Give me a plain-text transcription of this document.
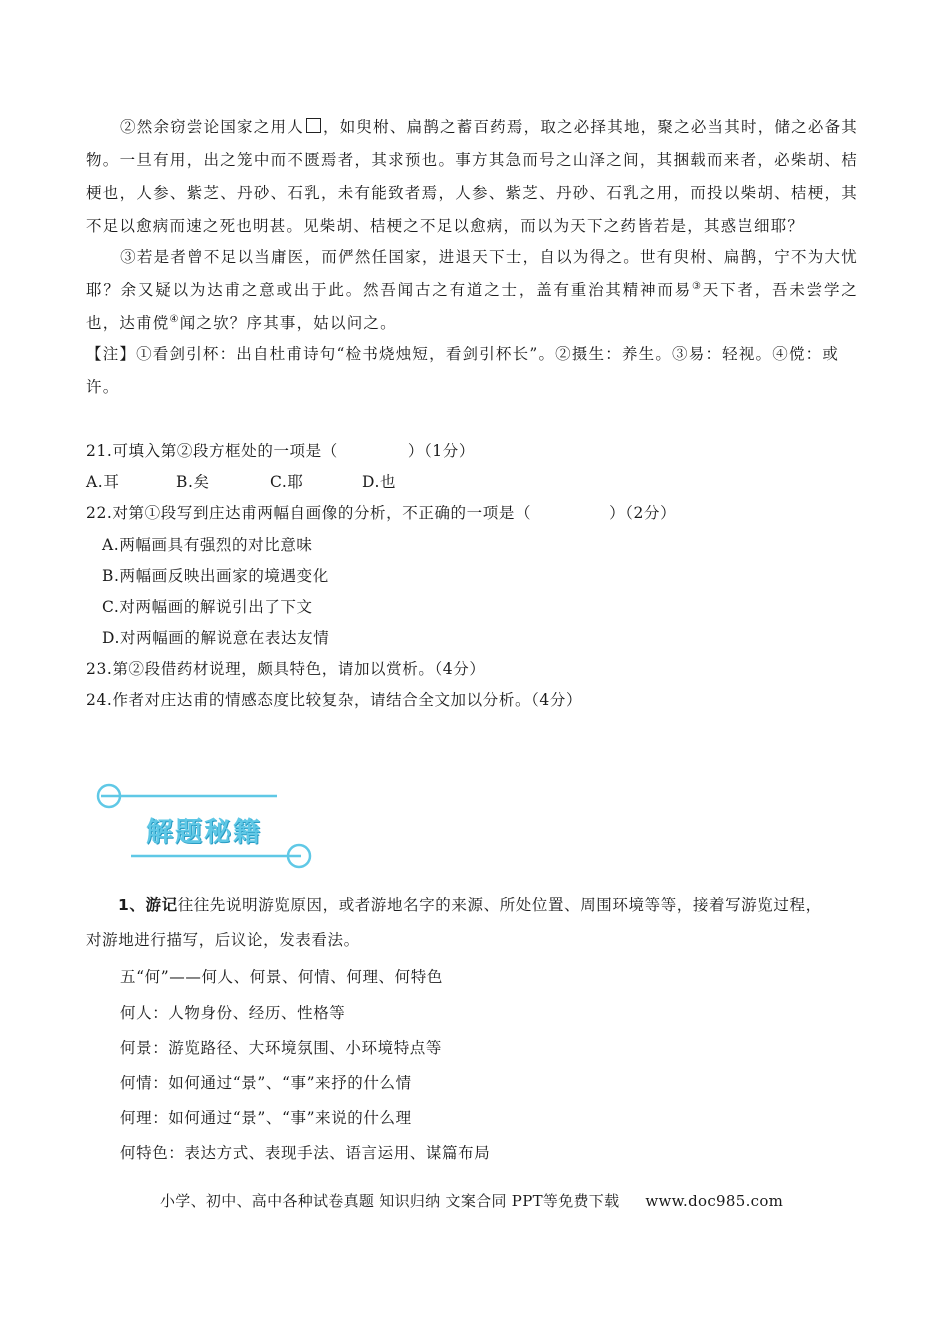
②然余窃尝论国家之用人 ，如臾柎、扁鹊之蓄百药焉，取之必择其地，聚之必当其时，储之必备其物。一旦有用，出之笼中而不匮焉者，其求预也。事方其急而号之山泽之间，其捆载而来者，必柴胡、桔梗也，人参、紫芝、丹砂、石乳，未有能致者焉，人参、紫芝、丹砂、石乳之用，而投以柴胡、桔梗，其不足以愈病而速之死也明甚。见柴胡、桔梗之不足以愈病，而以为天下之药皆若是，其惑岂细耶？
③若是者曾不足以当庸医，而俨然任国家，进退天下士，自以为得之。世有臾柎、扁鹊，宁不为大忧耶？余又疑以为达甫之意或出于此。然吾闻古之有道之士，盖有重治其精神而易③天下者，吾未尝学之也，达甫傥④闻之欤？序其事，姑以问之。
【注】①看剑引杯：出自杜甫诗句“检书烧烛短，看剑引杯长”。②摄生：养生。③易：轻视。④傥：或
许。
21.可填入第②段方框处的一项是（	）（1分）
A.耳	B.矣	C.耶	D.也
22.对第①段写到庄达甫两幅自画像的分析，不正确的一项是（	）（2分）
A.两幅画具有强烈的对比意味
B.两幅画反映出画家的境遇变化
C.对两幅画的解说引出了下文
D.对两幅画的解说意在表达友情
23.第②段借药材说理，颇具特色，请加以赏析。（4分）
24.作者对庄达甫的情感态度比较复杂，请结合全文加以分析。（4分）
解题秘籍
1、游记往往先说明游览原因，或者游地名字的来源、所处位置、周围环境等等，接着写游览过程，
对游地进行描写，后议论，发表看法。
五“何”——何人、何景、何情、何理、何特色
何人：人物身份、经历、性格等
何景：游览路径、大环境氛围、小环境特点等
何情：如何通过“景”、“事”来抒的什么情
何理：如何通过“景”、“事”来说的什么理
何特色：表达方式、表现手法、语言运用、谋篇布局
小学、初中、高中各种试卷真题 知识归纳 文案合同 PPT等免费下载 www.doc985.com
